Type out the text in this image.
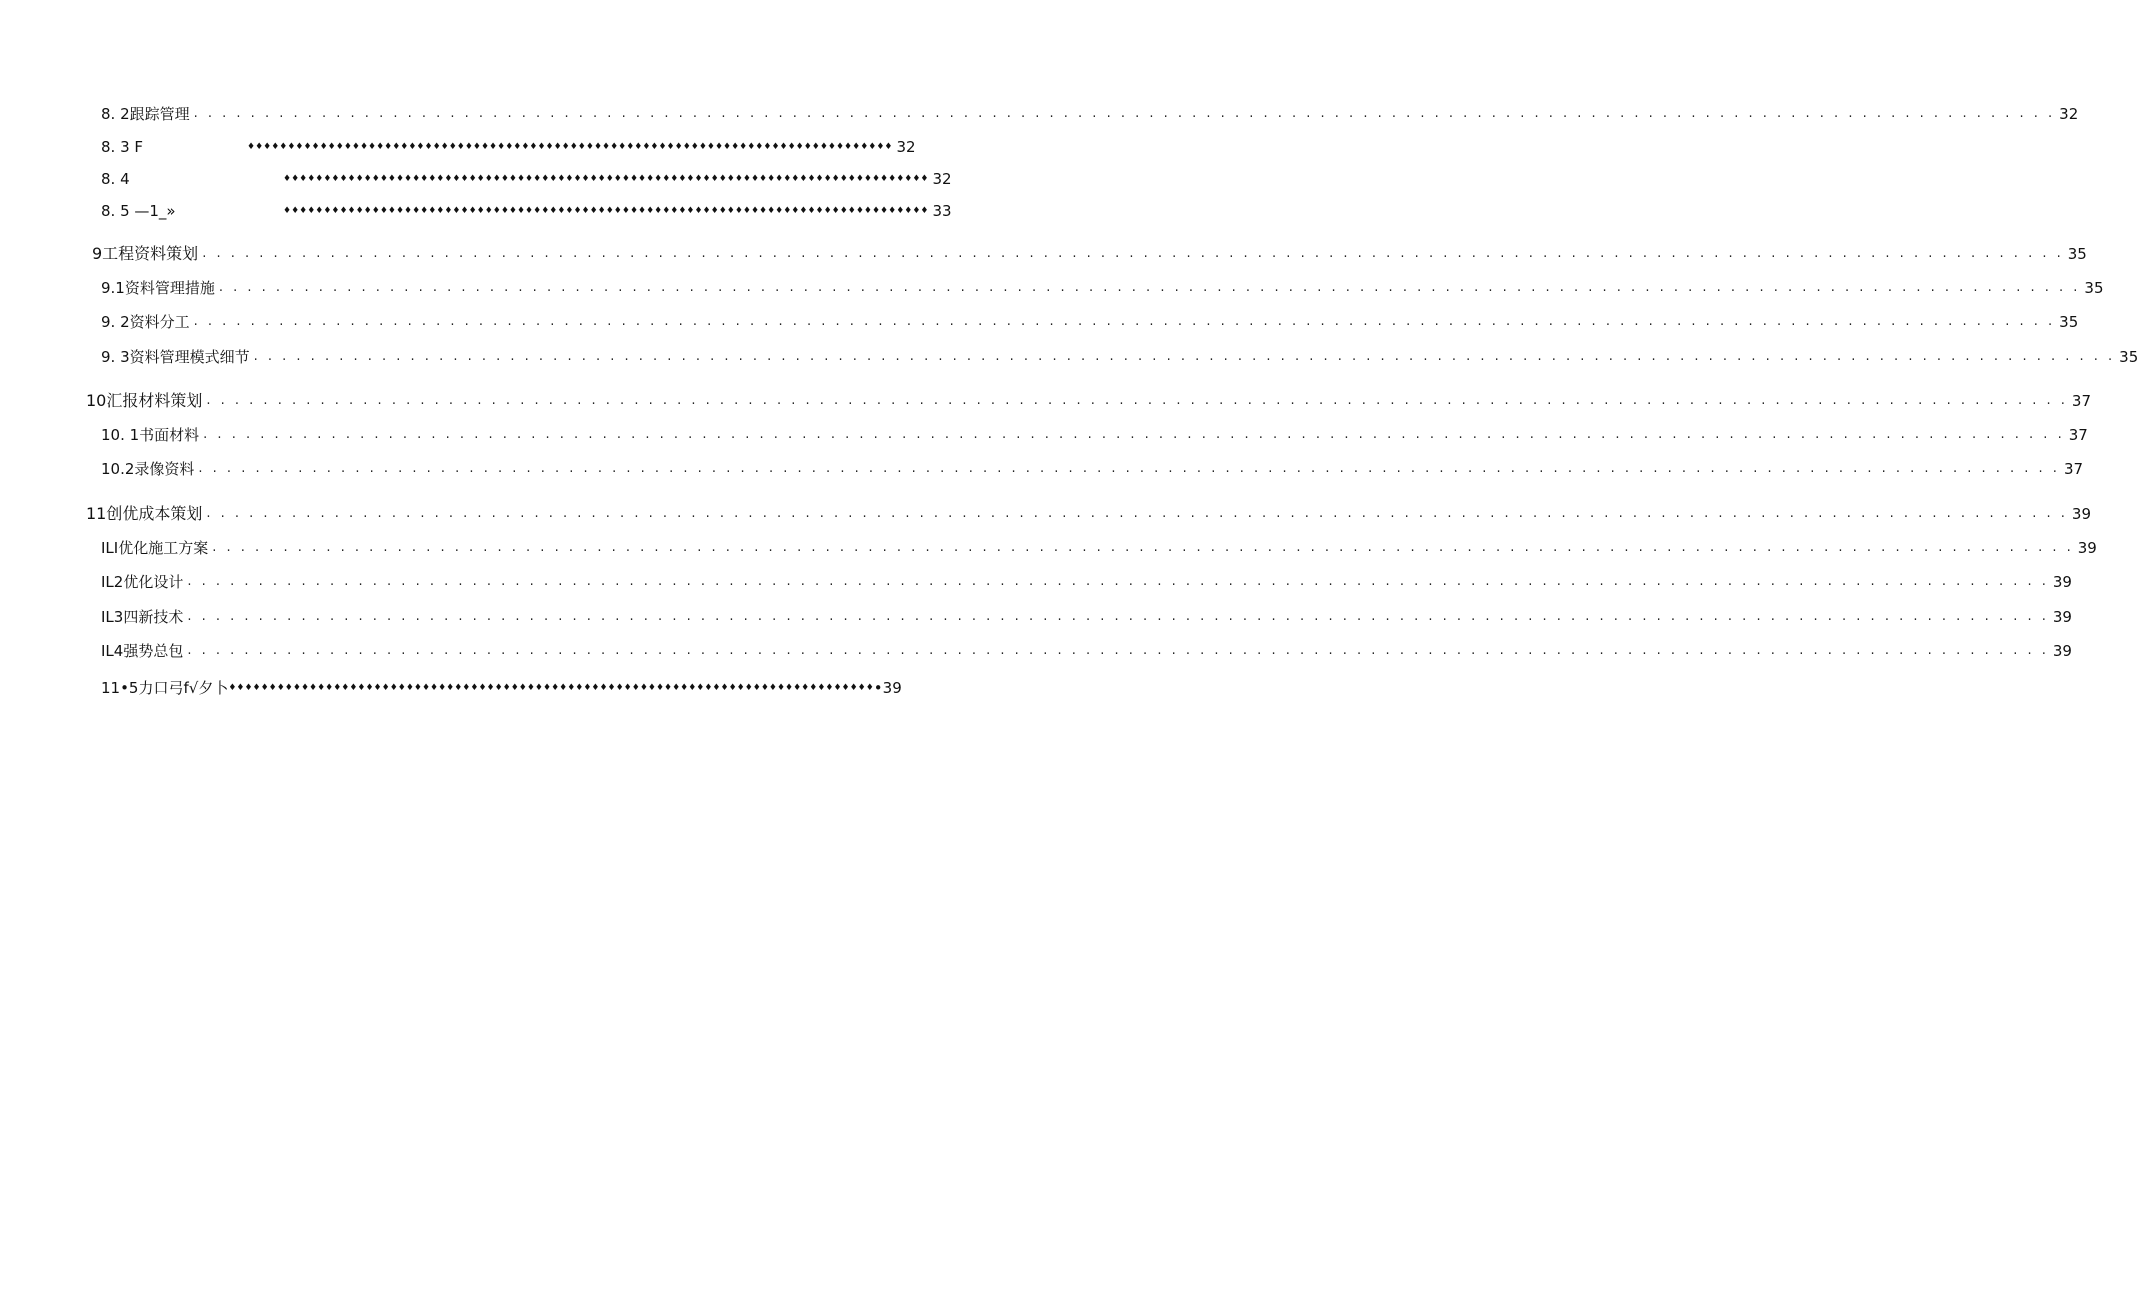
8. 2跟踪管理 . . .	32
8. 3 F	♦♦♦♦♦♦♦♦♦♦♦♦♦♦♦♦♦♦♦♦♦♦♦♦♦♦♦♦♦♦♦♦♦♦♦♦♦♦♦♦♦♦♦♦♦♦♦♦♦♦♦♦♦♦♦♦♦♦♦♦♦♦♦♦♦♦♦♦♦♦♦♦♦♦♦♦♦♦♦♦ 32
8. 4	♦♦♦♦♦♦♦♦♦♦♦♦♦♦♦♦♦♦♦♦♦♦♦♦♦♦♦♦♦♦♦♦♦♦♦♦♦♦♦♦♦♦♦♦♦♦♦♦♦♦♦♦♦♦♦♦♦♦♦♦♦♦♦♦♦♦♦♦♦♦♦♦♦♦♦♦♦♦♦♦ 32
8. 5 —1_»	♦♦♦♦♦♦♦♦♦♦♦♦♦♦♦♦♦♦♦♦♦♦♦♦♦♦♦♦♦♦♦♦♦♦♦♦♦♦♦♦♦♦♦♦♦♦♦♦♦♦♦♦♦♦♦♦♦♦♦♦♦♦♦♦♦♦♦♦♦♦♦♦♦♦♦♦♦♦♦♦ 33
9工程资料策划 . . .	35
9.1资料管理措施 . . .	35
9. 2资料分工 . . .	35
9. 3资料管理模式细节 . . .	35
10汇报材料策划 . . .	37
10. 1书面材料 . . .	37
10.2录像资料 . . .	37
11创优成本策划 . . .	39
ILI优化施工方案 . . .	39
IL2优化设计 . . .	39
IL3四新技术 . . .	39
IL4强势总包 . . .	39
11•5力口弓f√夕卜 ♦♦♦♦♦♦♦♦♦♦♦♦♦♦♦♦♦♦♦♦♦♦♦♦♦♦♦♦♦♦♦♦♦♦♦♦♦♦♦♦♦♦♦♦♦♦♦♦♦♦♦♦♦♦♦♦♦♦♦♦♦♦♦♦♦♦♦♦♦♦♦♦♦♦♦♦♦♦♦♦ •39
